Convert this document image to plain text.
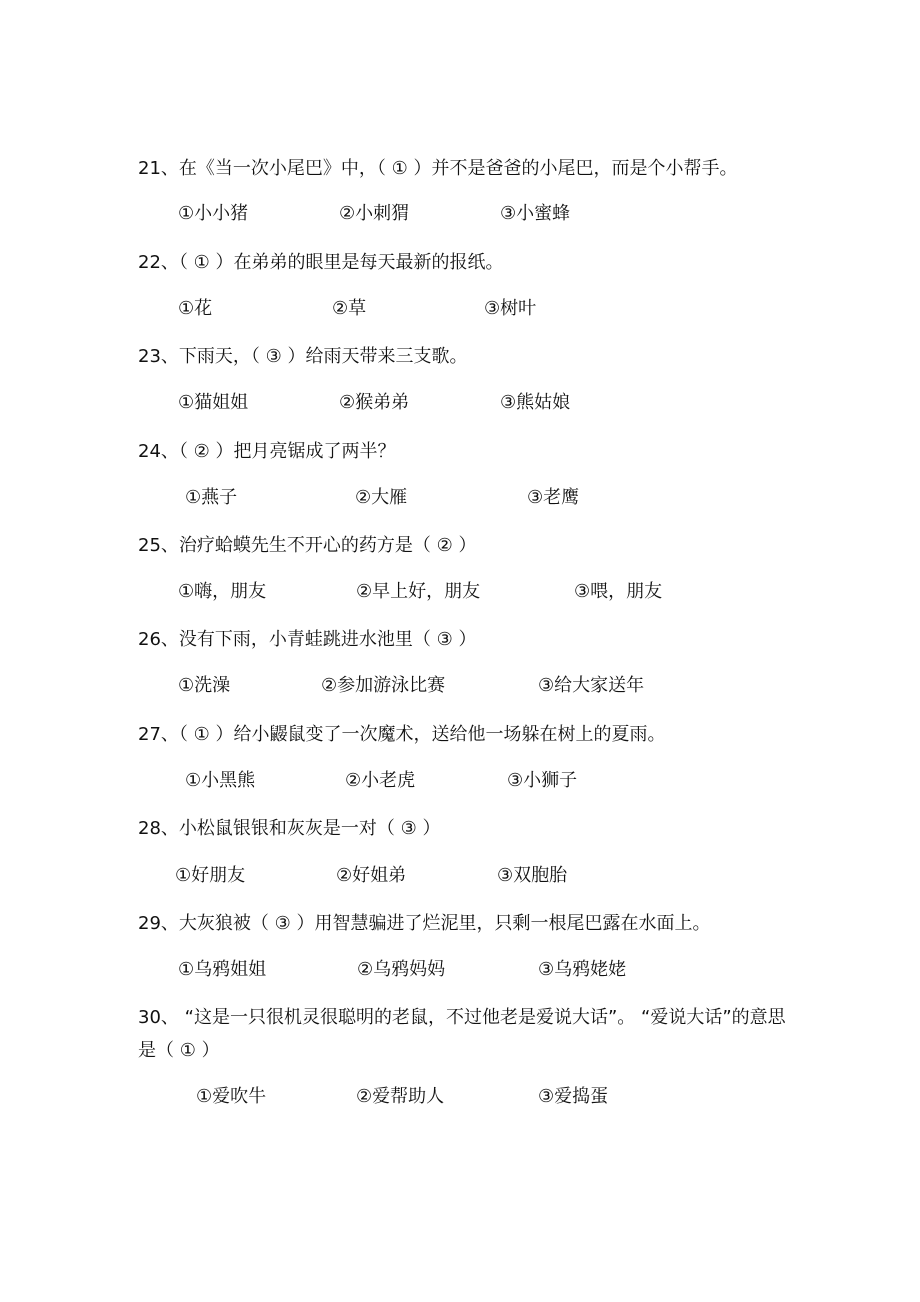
21、在《当一次小尾巴》中，（ ① ）并不是爸爸的小尾巴，而是个小帮手。
①小小猪	②小刺猬	③小蜜蜂
22、（ ① ）在弟弟的眼里是每天最新的报纸。
①花	②草	③树叶
23、下雨天，（ ③ ）给雨天带来三支歌。
①猫姐姐	②猴弟弟	③熊姑娘
24、（ ② ）把月亮锯成了两半？
①燕子	②大雁	③老鹰
25、治疗蛤蟆先生不开心的药方是（ ② ）
①嗨，朋友	②早上好，朋友	③喂，朋友
26、没有下雨，小青蛙跳进水池里（ ③ ）
①洗澡	②参加游泳比赛	③给大家送年
27、（ ① ）给小鼹鼠变了一次魔术，送给他一场躲在树上的夏雨。
①小黑熊	②小老虎	③小狮子
28、小松鼠银银和灰灰是一对（ ③ ）
①好朋友	②好姐弟	③双胞胎
29、大灰狼被（ ③ ）用智慧骗进了烂泥里，只剩一根尾巴露在水面上。
①乌鸦姐姐	②乌鸦妈妈	③乌鸦姥姥
30、 “这是一只很机灵很聪明的老鼠，不过他老是爱说大话”。 “爱说大话”的意思是（ ① ）
①爱吹牛	②爱帮助人	③爱捣蛋
